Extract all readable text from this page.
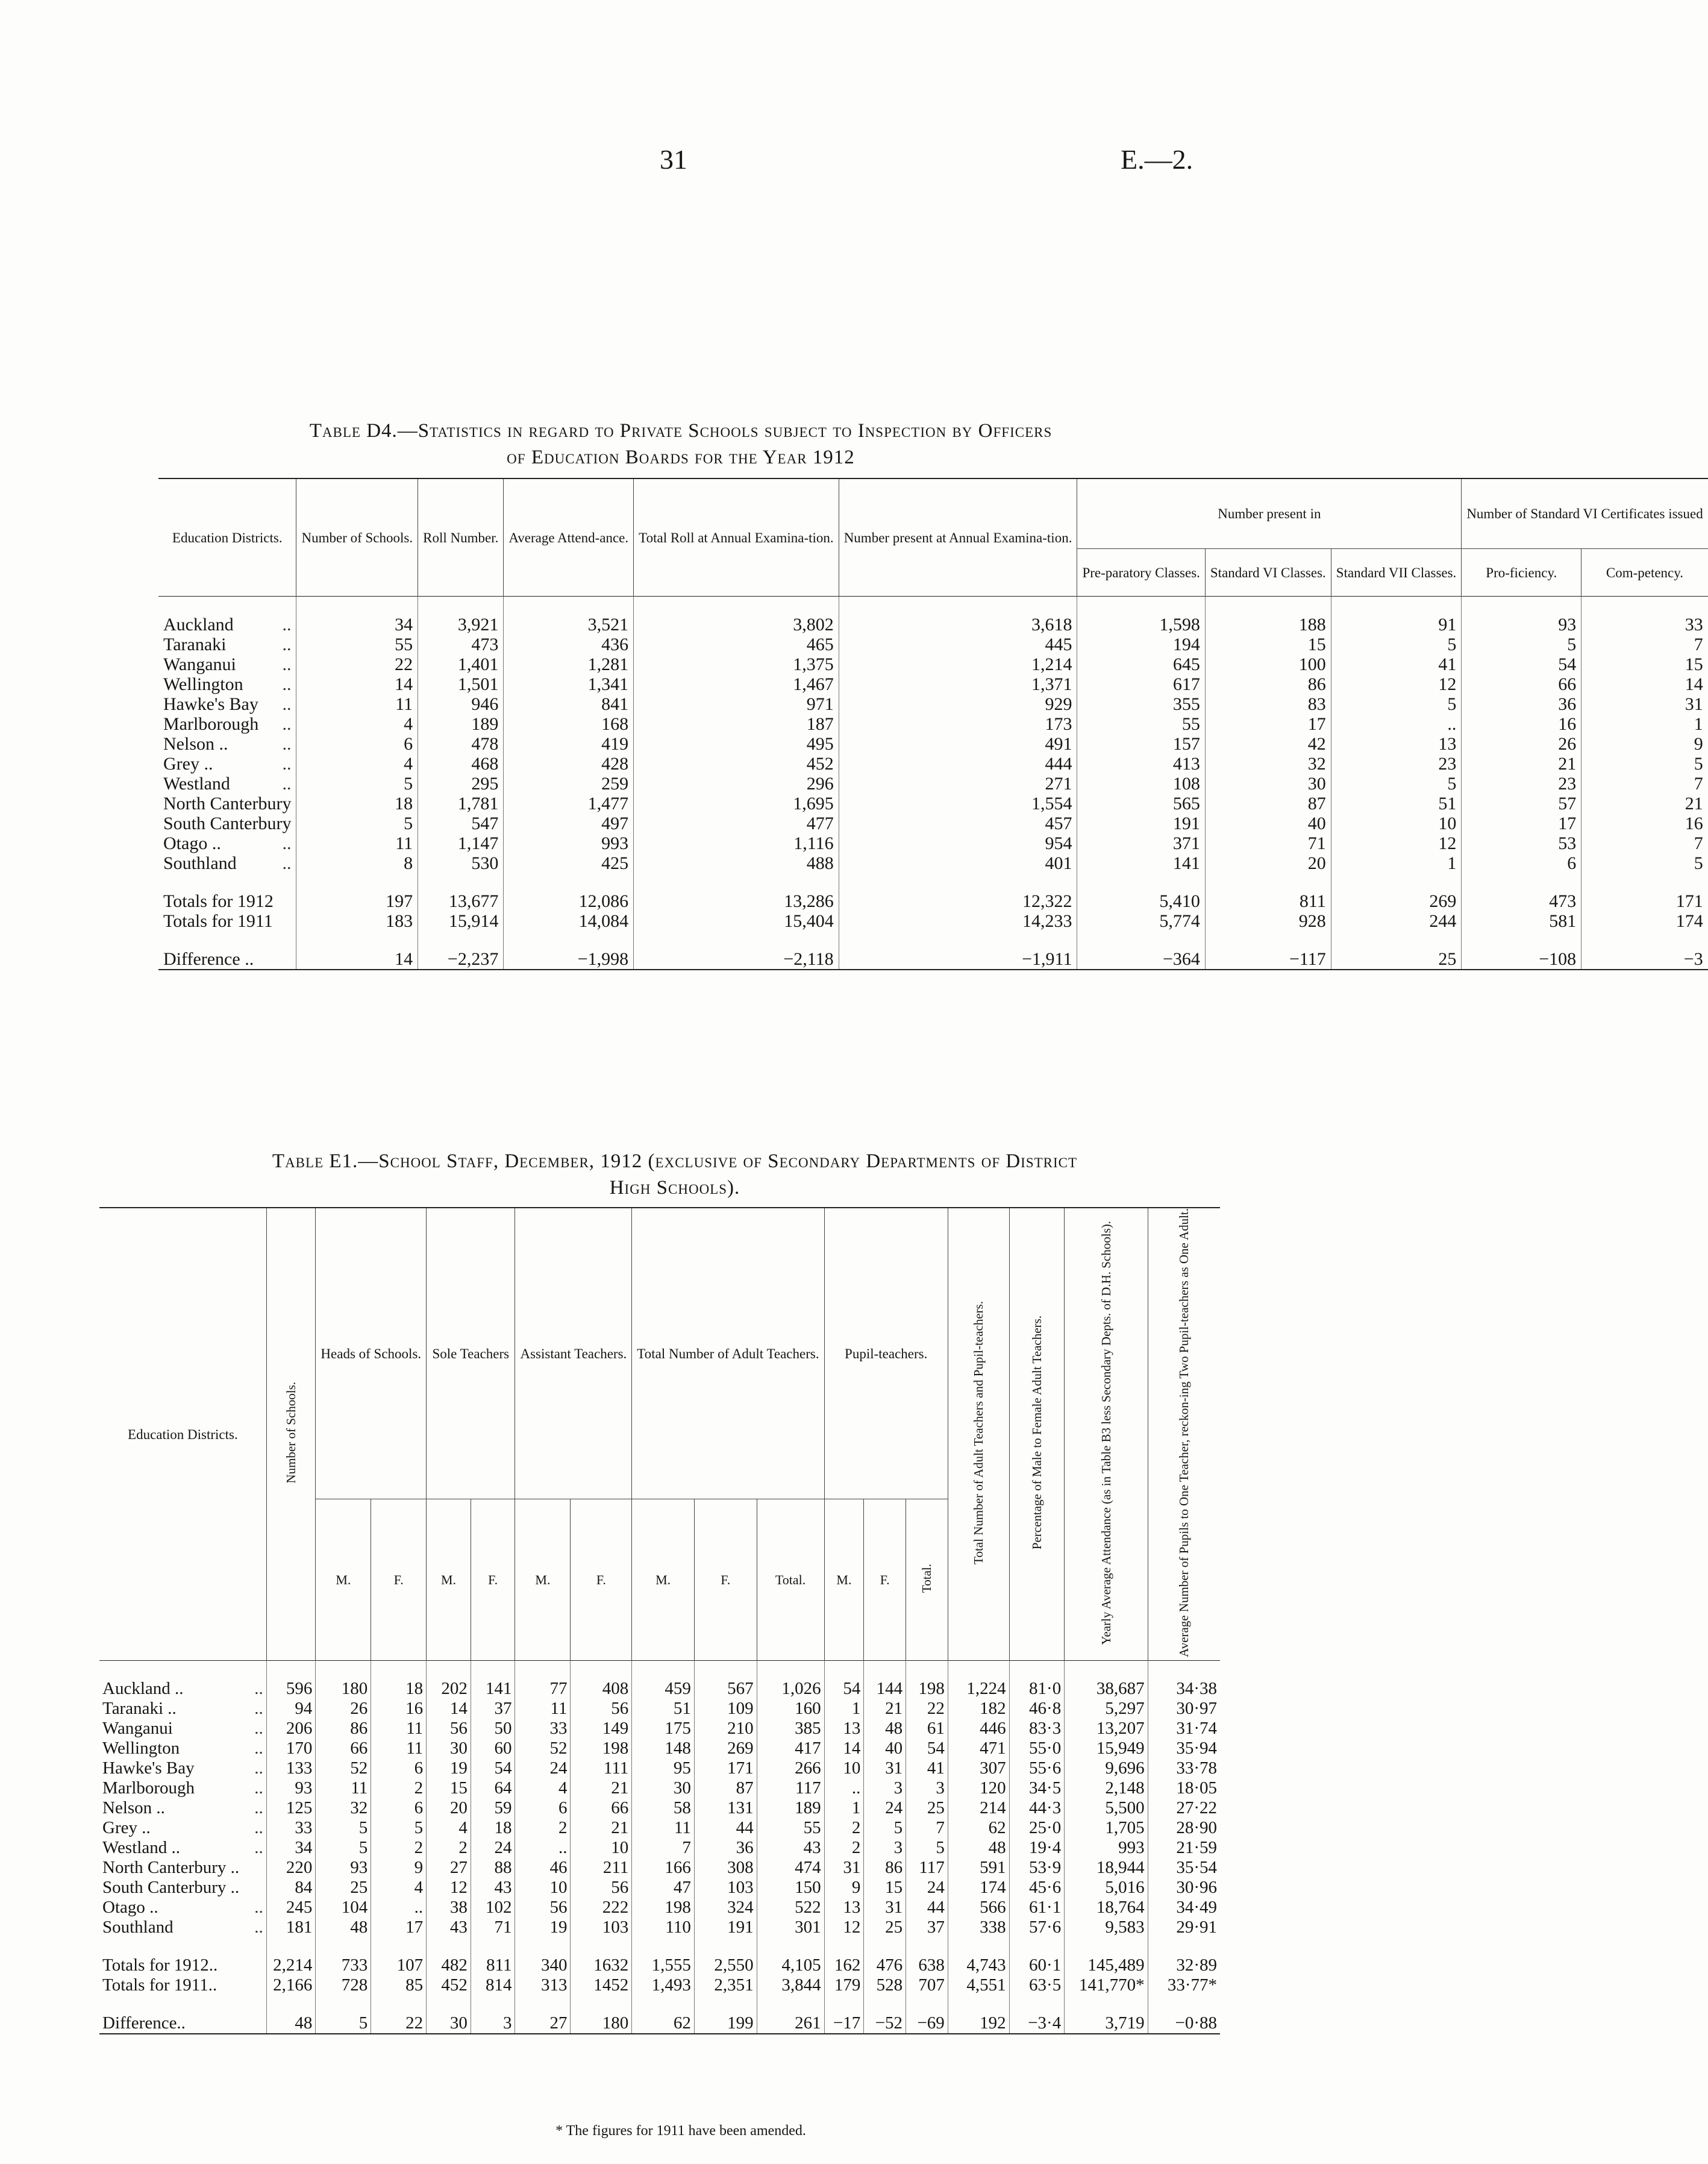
31	E.—2.
Table D4.—Statistics in regard to Private Schools subject to Inspection by Officers
of Education Boards for the Year 1912
Education Districts.	Number of Schools.	Roll Number.	Average Attend-ance.	Total Roll at Annual Examina-tion.	Number present at Annual Examina-tion.	Number present in			Number of Standard VI Certificates issued	
						Pre-paratory Classes.	Standard VI Classes.	Standard VII Classes.	Pro-ficiency.	Com-petency.

Auckland ..	34	3,921	3,521	3,802	3,618	1,598	188	91	93	33
Taranaki ..	55	473	436	465	445	194	15	5	5	7
Wanganui ..	22	1,401	1,281	1,375	1,214	645	100	41	54	15
Wellington ..	14	1,501	1,341	1,467	1,371	617	86	12	66	14
Hawke's Bay ..	11	946	841	971	929	355	83	5	36	31
Marlborough ..	4	189	168	187	173	55	17	..	16	1
Nelson .. ..	6	478	419	495	491	157	42	13	26	9
Grey .. ..	4	468	428	452	444	413	32	23	21	5
Westland ..	5	295	259	296	271	108	30	5	23	7
North Canterbury	18	1,781	1,477	1,695	1,554	565	87	51	57	21
South Canterbury	5	547	497	477	457	191	40	10	17	16
Otago .. ..	11	1,147	993	1,116	954	371	71	12	53	7
Southland ..	8	530	425	488	401	141	20	1	6	5

Totals for 1912	197	13,677	12,086	13,286	12,322	5,410	811	269	473	171
Totals for 1911	183	15,914	14,084	15,404	14,233	5,774	928	244	581	174

Difference ..	14	−2,237	−1,998	−2,118	−1,911	−364	−117	25	−108	−3
Table E1.—School Staff, December, 1912 (exclusive of Secondary Departments of District
High Schools).
Education Districts.	Number of Schools.	Heads of Schools.		Sole Teachers		Assistant Teachers.		Total Number of Adult Teachers.			Pupil-teachers.			Total Number of Adult Teachers and Pupil-teachers.	Percentage of Male to Female Adult Teachers.	Yearly Average Attendance (as in Table B3 less Secondary Depts. of D.H. Schools).	Average Number of Pupils to One Teacher, reckon-ing Two Pupil-teachers as One Adult.
		M.	F.	M.	F.	M.	F.	M.	F.	Total.	M.	F.	Total.				

Auckland .. ..	596	180	18	202	141	77	408	459	567	1,026	54	144	198	1,224	81·0	38,687	34·38
Taranaki .. ..	94	26	16	14	37	11	56	51	109	160	1	21	22	182	46·8	5,297	30·97
Wanganui ..	206	86	11	56	50	33	149	175	210	385	13	48	61	446	83·3	13,207	31·74
Wellington ..	170	66	11	30	60	52	198	148	269	417	14	40	54	471	55·0	15,949	35·94
Hawke's Bay ..	133	52	6	19	54	24	111	95	171	266	10	31	41	307	55·6	9,696	33·78
Marlborough ..	93	11	2	15	64	4	21	30	87	117	..	3	3	120	34·5	2,148	18·05
Nelson .. ..	125	32	6	20	59	6	66	58	131	189	1	24	25	214	44·3	5,500	27·22
Grey .. ..	33	5	5	4	18	2	21	11	44	55	2	5	7	62	25·0	1,705	28·90
Westland .. ..	34	5	2	2	24	..	10	7	36	43	2	3	5	48	19·4	993	21·59
North Canterbury ..	220	93	9	27	88	46	211	166	308	474	31	86	117	591	53·9	18,944	35·54
South Canterbury ..	84	25	4	12	43	10	56	47	103	150	9	15	24	174	45·6	5,016	30·96
Otago .. ..	245	104	..	38	102	56	222	198	324	522	13	31	44	566	61·1	18,764	34·49
Southland ..	181	48	17	43	71	19	103	110	191	301	12	25	37	338	57·6	9,583	29·91

Totals for 1912..	2,214	733	107	482	811	340	1632	1,555	2,550	4,105	162	476	638	4,743	60·1	145,489	32·89
Totals for 1911..	2,166	728	85	452	814	313	1452	1,493	2,351	3,844	179	528	707	4,551	63·5	141,770*	33·77*

Difference..	48	5	22	30	3	27	180	62	199	261	−17	−52	−69	192	−3·4	3,719	−0·88
* The figures for 1911 have been amended.
